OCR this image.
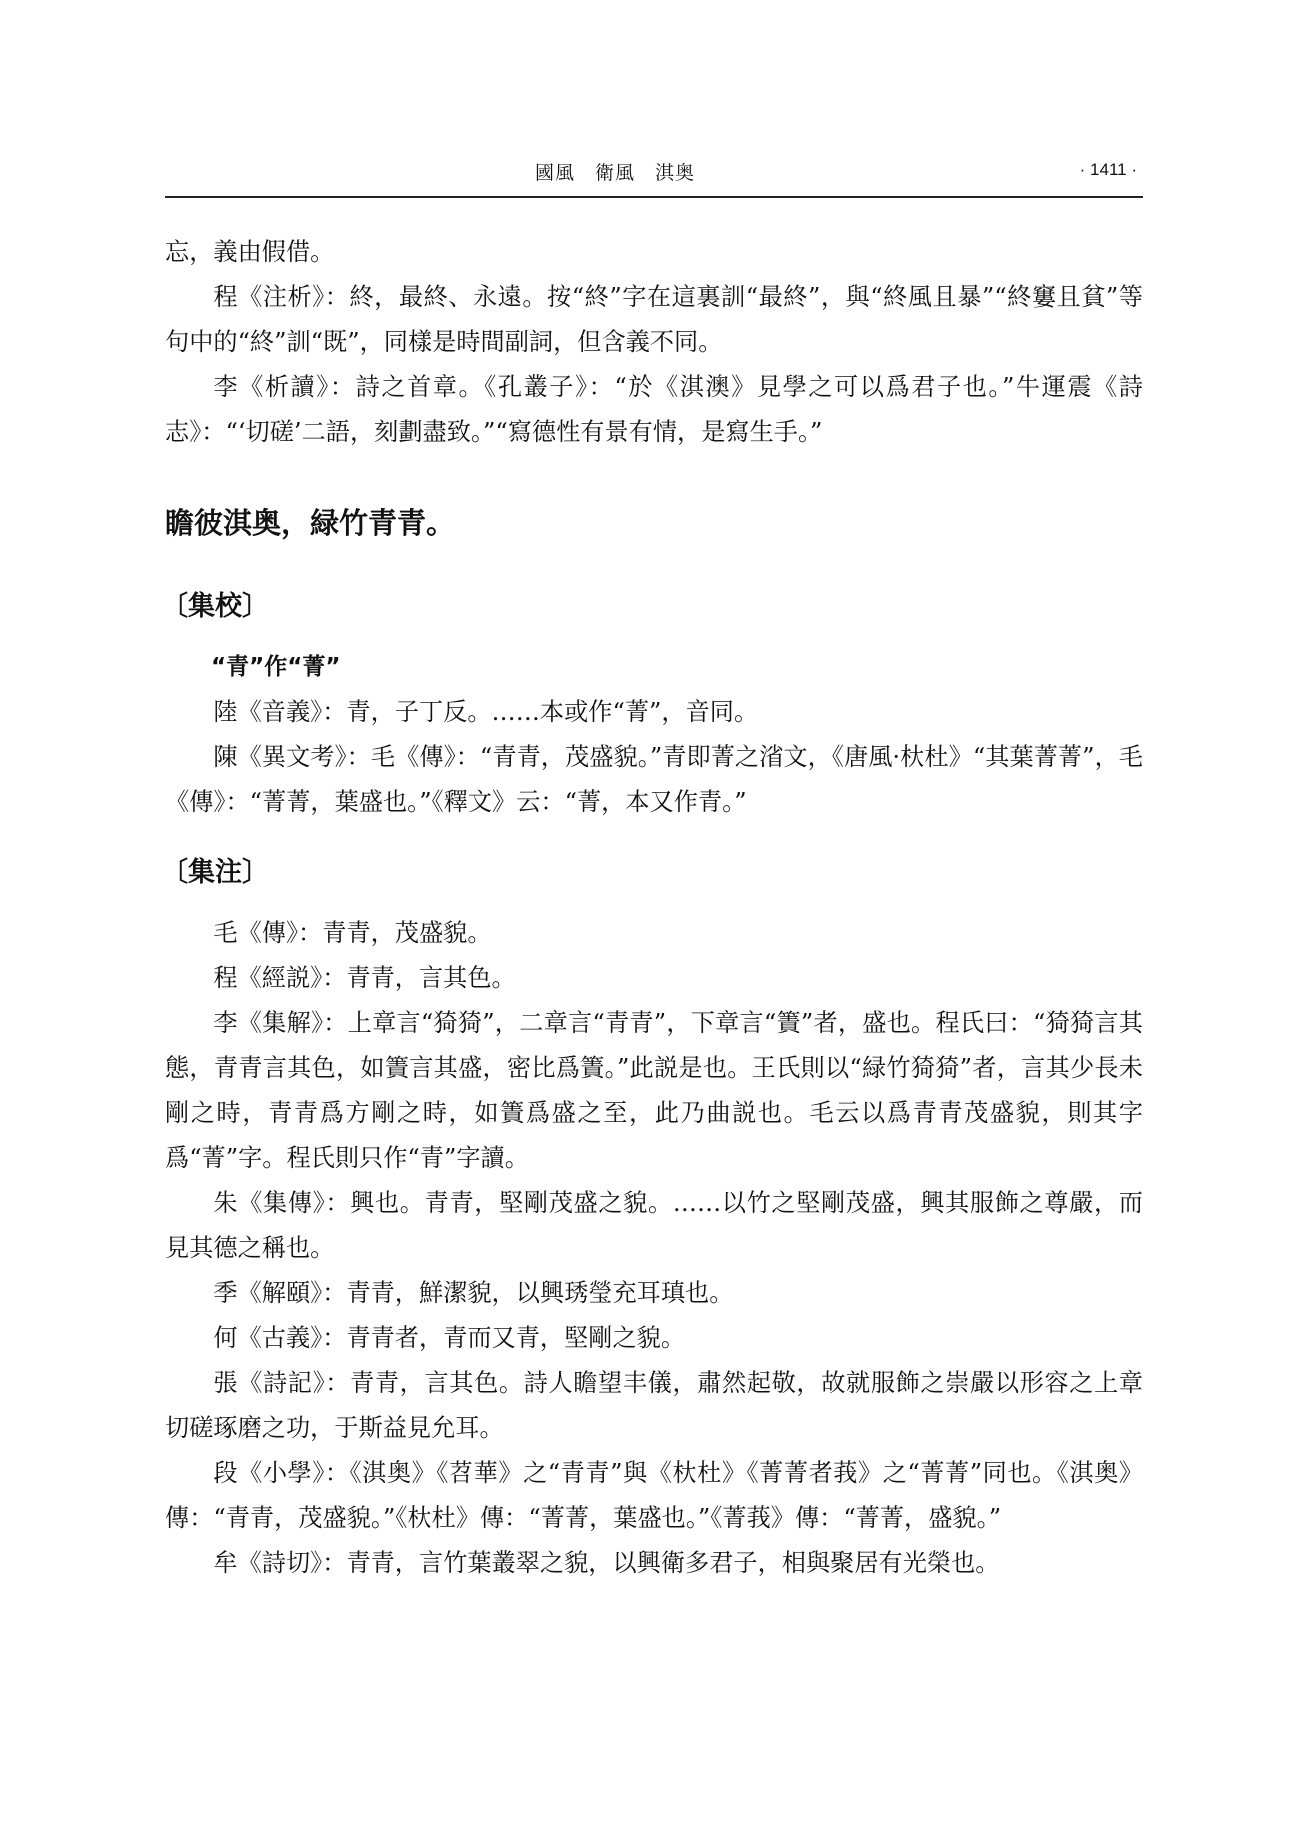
國風　衛風　淇奥	· 1411 ·

忘，義由假借。

程《注析》：終，最終、永遠。按“終”字在這裏訓“最終”，與“終風且暴”“終窶且貧”等句中的“終”訓“既”，同樣是時間副詞，但含義不同。

李《析讀》：詩之首章。《孔叢子》：“於《淇澳》見學之可以爲君子也。”牛運震《詩志》：“‘切磋’二語，刻劃盡致。”“寫德性有景有情，是寫生手。”

瞻彼淇奥，緑竹青青。

〔集校〕

“青”作“菁”

陸《音義》：青，子丁反。……本或作“菁”，音同。

陳《異文考》：毛《傳》：“青青，茂盛貌。”青即菁之渻文，《唐風·杕杜》“其葉菁菁”，毛《傳》：“菁菁，葉盛也。”《釋文》云：“菁，本又作青。”

〔集注〕

毛《傳》：青青，茂盛貌。

程《經説》：青青，言其色。

李《集解》：上章言“猗猗”，二章言“青青”，下章言“簀”者，盛也。程氏曰：“猗猗言其態，青青言其色，如簀言其盛，密比爲簀。”此説是也。王氏則以“緑竹猗猗”者，言其少長未剛之時，青青爲方剛之時，如簀爲盛之至，此乃曲説也。毛云以爲青青茂盛貌，則其字爲“菁”字。程氏則只作“青”字讀。

朱《集傳》：興也。青青，堅剛茂盛之貌。……以竹之堅剛茂盛，興其服飾之尊嚴，而見其德之稱也。

季《解頤》：青青，鮮潔貌，以興琇瑩充耳瑱也。

何《古義》：青青者，青而又青，堅剛之貌。

張《詩記》：青青，言其色。詩人瞻望丰儀，肅然起敬，故就服飾之崇嚴以形容之上章切磋琢磨之功，于斯益見允耳。

段《小學》：《淇奥》《苕華》之“青青”與《杕杜》《菁菁者莪》之“菁菁”同也。《淇奥》傳：“青青，茂盛貌。”《杕杜》傳：“菁菁，葉盛也。”《菁莪》傳：“菁菁，盛貌。”

牟《詩切》：青青，言竹葉叢翠之貌，以興衛多君子，相與聚居有光榮也。
